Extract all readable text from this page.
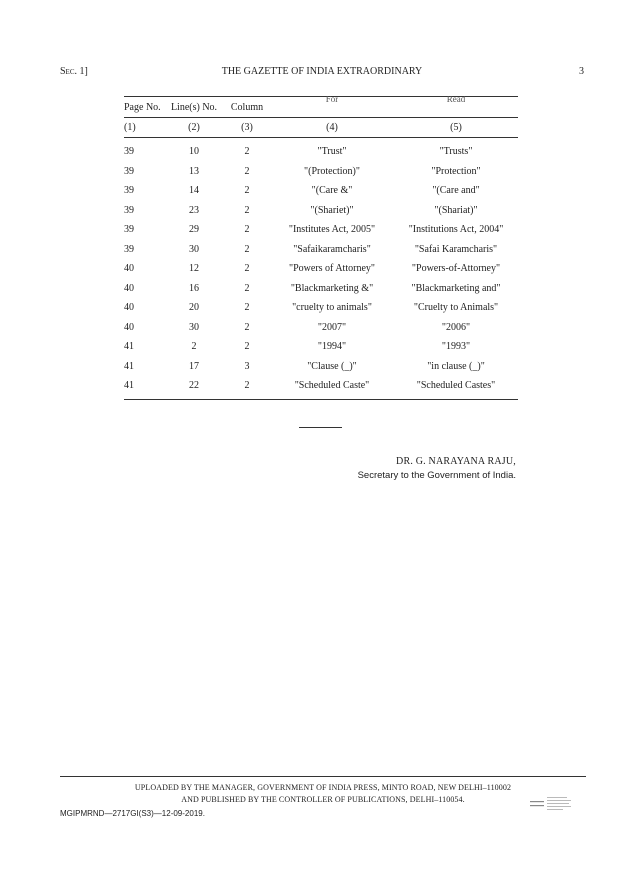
Sec. 1]	THE GAZETTE OF INDIA EXTRAORDINARY	3
Page No.	Line(s) No.	Column	For	Read
(1)	(2)	(3)	(4)	(5)
39	10	2	"Trust"	"Trusts"
39	13	2	"(Protection)"	"Protection"
39	14	2	"(Care &"	"(Care and"
39	23	2	"(Shariet)"	"(Shariat)"
39	29	2	"Institutes Act, 2005"	"Institutions Act, 2004"
39	30	2	"Safaikaramcharis"	"Safai Karamcharis"
40	12	2	"Powers of Attorney"	"Powers-of-Attorney"
40	16	2	"Blackmarketing &"	"Blackmarketing and"
40	20	2	"cruelty to animals"	"Cruelty to Animals"
40	30	2	"2007"	"2006"
41	2	2	"1994"	"1993"
41	17	3	"Clause (_)"	"in clause (_)"
41	22	2	"Scheduled Caste"	"Scheduled Castes"
DR. G. NARAYANA RAJU,
Secretary to the Government of India.
UPLOADED BY THE MANAGER, GOVERNMENT OF INDIA PRESS, MINTO ROAD, NEW DELHI–110002
AND PUBLISHED BY THE CONTROLLER OF PUBLICATIONS, DELHI–110054.
MGIPMRND—2717GI(S3)—12-09-2019.
